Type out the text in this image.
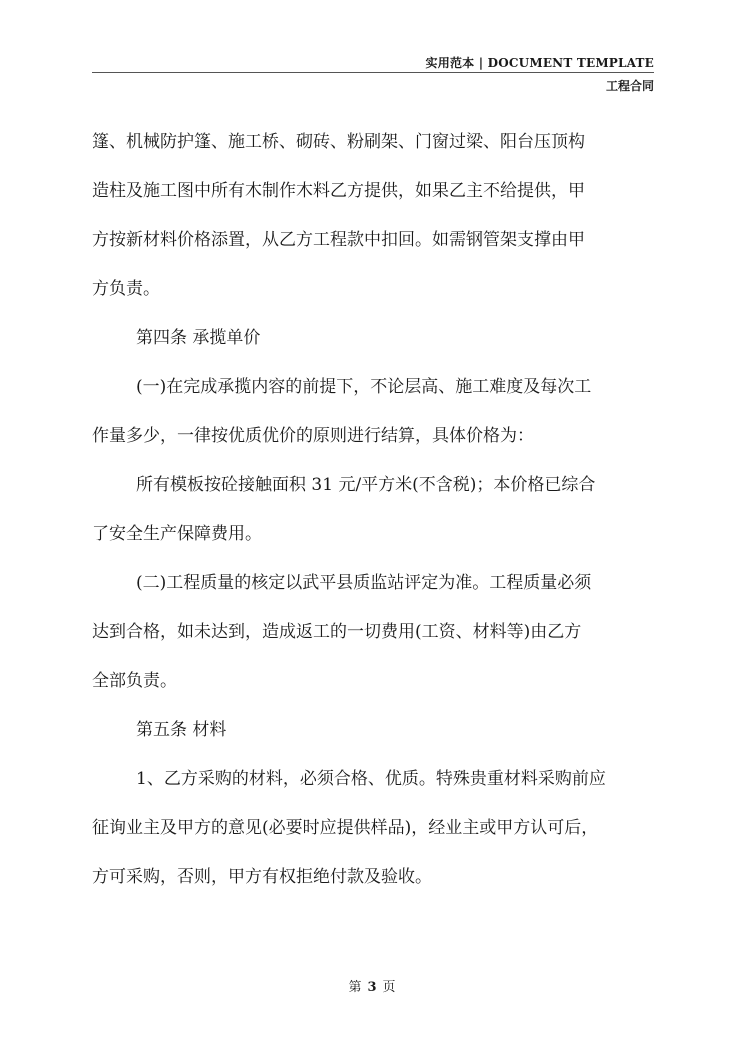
实用范本 | DOCUMENT TEMPLATE
工程合同
篷、机械防护篷、施工桥、砌砖、粉刷架、门窗过梁、阳台压顶构
造柱及施工图中所有木制作木料乙方提供，如果乙主不给提供，甲
方按新材料价格添置，从乙方工程款中扣回。如需钢管架支撑由甲
方负责。
第四条 承揽单价
(一)在完成承揽内容的前提下，不论层高、施工难度及每次工
作量多少，一律按优质优价的原则进行结算，具体价格为：
所有模板按砼接触面积 31 元/平方米(不含税)；本价格已综合
了安全生产保障费用。
(二)工程质量的核定以武平县质监站评定为准。工程质量必须
达到合格，如未达到，造成返工的一切费用(工资、材料等)由乙方
全部负责。
第五条 材料
1、乙方采购的材料，必须合格、优质。特殊贵重材料采购前应
征询业主及甲方的意见(必要时应提供样品)，经业主或甲方认可后，
方可采购，否则，甲方有权拒绝付款及验收。
第 3 页
